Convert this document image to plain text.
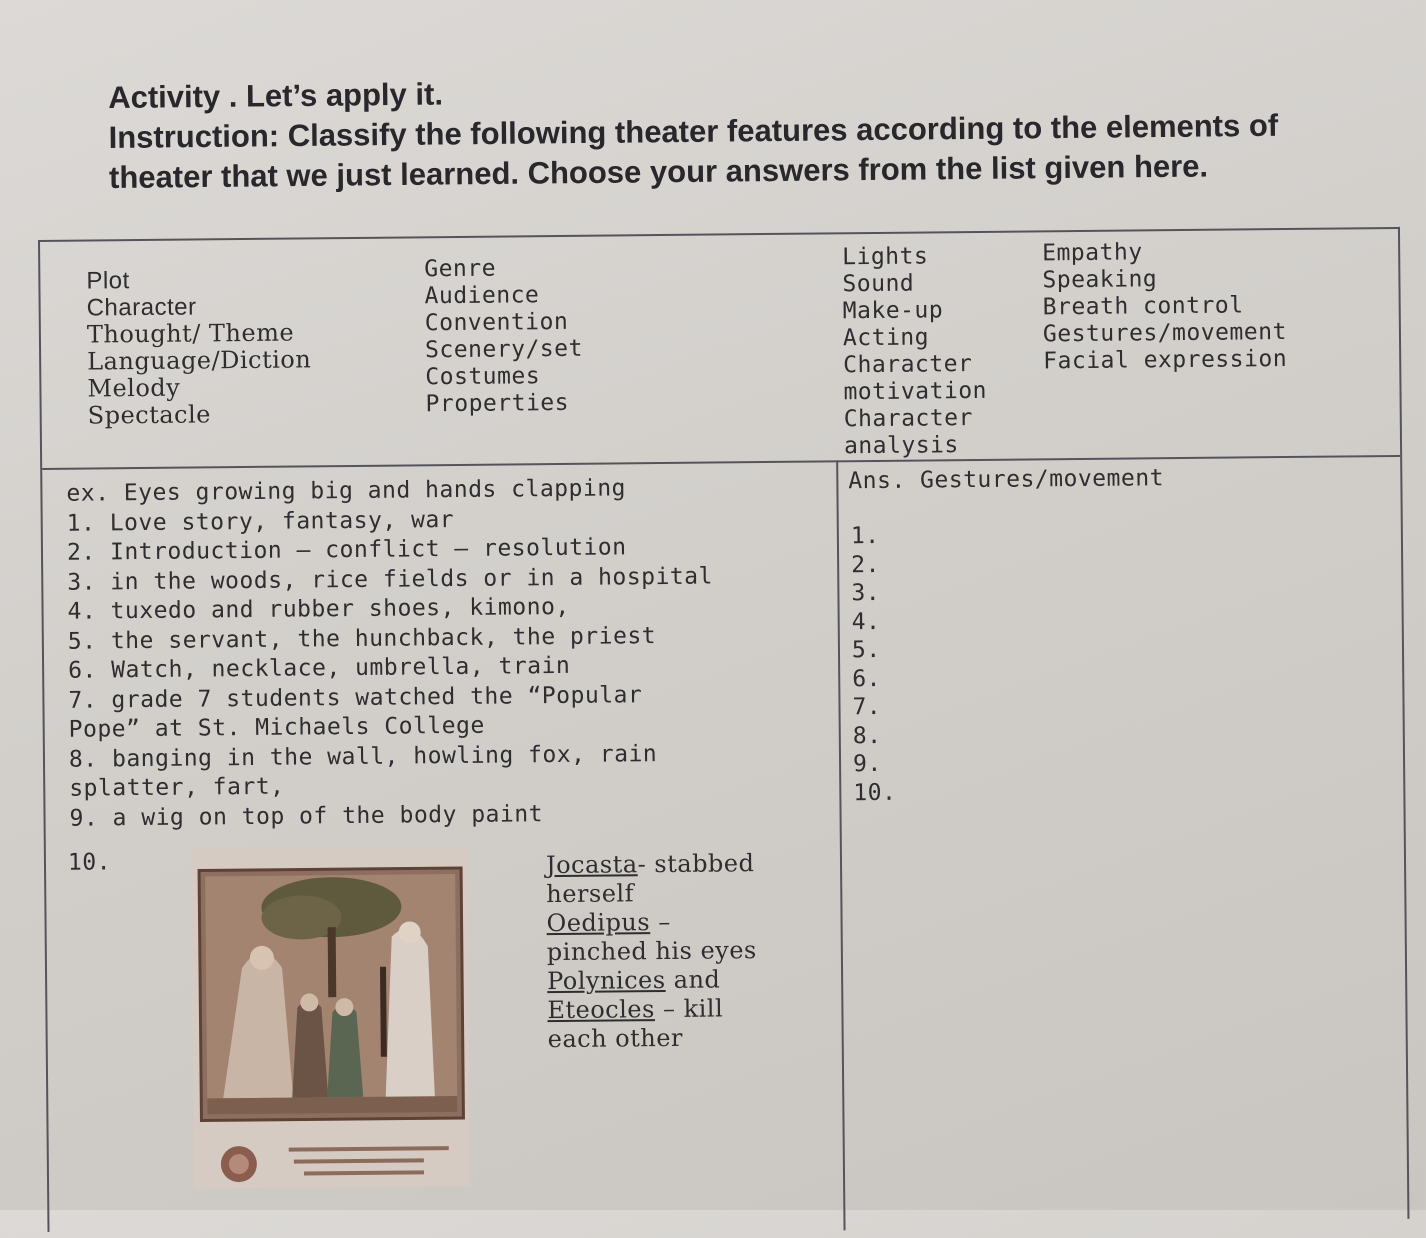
Activity . Let’s apply it.
Instruction: Classify the following theater features according to the elements of
theater that we just learned. Choose your answers from the list given here.
Plot
Character
Thought/ Theme
Language/Diction
Melody
Spectacle
Genre
Audience
Convention
Scenery/set
Costumes
Properties
Lights
Sound
Make-up
Acting
Character
motivation
Character
analysis
Empathy
Speaking
Breath control
Gestures/movement
Facial expression
ex. Eyes growing big and hands clapping
1. Love story, fantasy, war
2. Introduction – conflict – resolution
3. in the woods, rice fields or in a hospital
4. tuxedo and rubber shoes, kimono,
5. the servant, the hunchback, the priest
6. Watch, necklace, umbrella, train
7. grade 7 students watched the “Popular
Pope” at St. Michaels College
8. banging in the wall, howling fox, rain
splatter, fart,
9. a wig on top of the body paint
Ans. Gestures/movement
1.
2.
3.
4.
5.
6.
7.
8.
9.
10.
10.	Jocasta- stabbed
herself
Oedipus –
pinched his eyes
Polynices and
Eteocles – kill
each other
